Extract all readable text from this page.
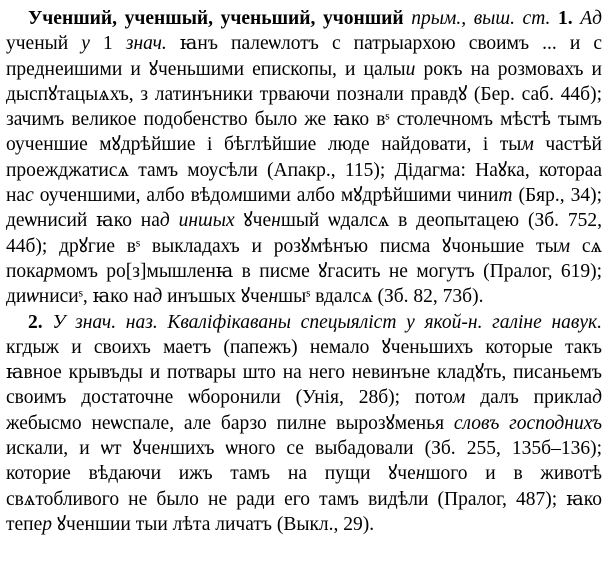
Ученший, ученшый, ученьший, учонший прым., выш. ст. 1. Ад ученый у 1 знач. ꙗнъ палеѡлотъ с патрыархою своимъ ... и с преднеишими и ꙋченьшими епископы, и цалыи рокъ на розмовахъ и дыспꙋтацыѧхъ, з латинъники трваючи познали правдꙋ (Бер. саб. 44б); зачимъ великое подобенство было же ꙗко вˢ столечномъ мѣстѣ тымъ оученшие мꙋдрѣйшие і бѣглѣйшие люде найдовати, і тым частѣй проежджатисѧ тамъ моусѣли (Апакр., 115); Дідагма: Наꙋка, котораа нас оученшими, албо вѣдомшими албо мꙋдрѣйшими чинит (Бяр., 34); деѡнисий ꙗко над иншых ꙋченшый ѡдалсѧ в деопытацею (Зб. 752, 44б); дрꙋгие вˢ выкладахъ и розꙋмѣнъю писма ꙋчоньшие тым сѧ покармомъ ро[з]мышленꙗ в писме ꙋгасить не могутъ (Пралог, 619); диѡнисиˢ, ꙗко над инъшых ꙋченшыˢ вдалсѧ (Зб. 82, 73б).

2. У знач. наз. Кваліфікаваны спецыяліст у якой-н. галіне навук. кгдыж и своихъ маетъ (папежъ) немало ꙋченьшихъ которые такъ ꙗвное крывъды и потвары што на него невинъне кладꙋть, писаньемъ своимъ достаточне ѡборонили (Унія, 28б); потом далъ приклад жебысмо неѡспале, але барзо пилне вырозꙋменья словъ господнихъ искали, и ѡт ꙋченшихъ ѡного се выбадовали (Зб. 255, 135б–136); которие вѣдаючи ижъ тамъ на пущи ꙋченшого и в животѣ свѧтобливого не было не ради его тамъ видѣли (Пралог, 487); ꙗко тепер ꙋченшии тыи лѣта личатъ (Выкл., 29).
